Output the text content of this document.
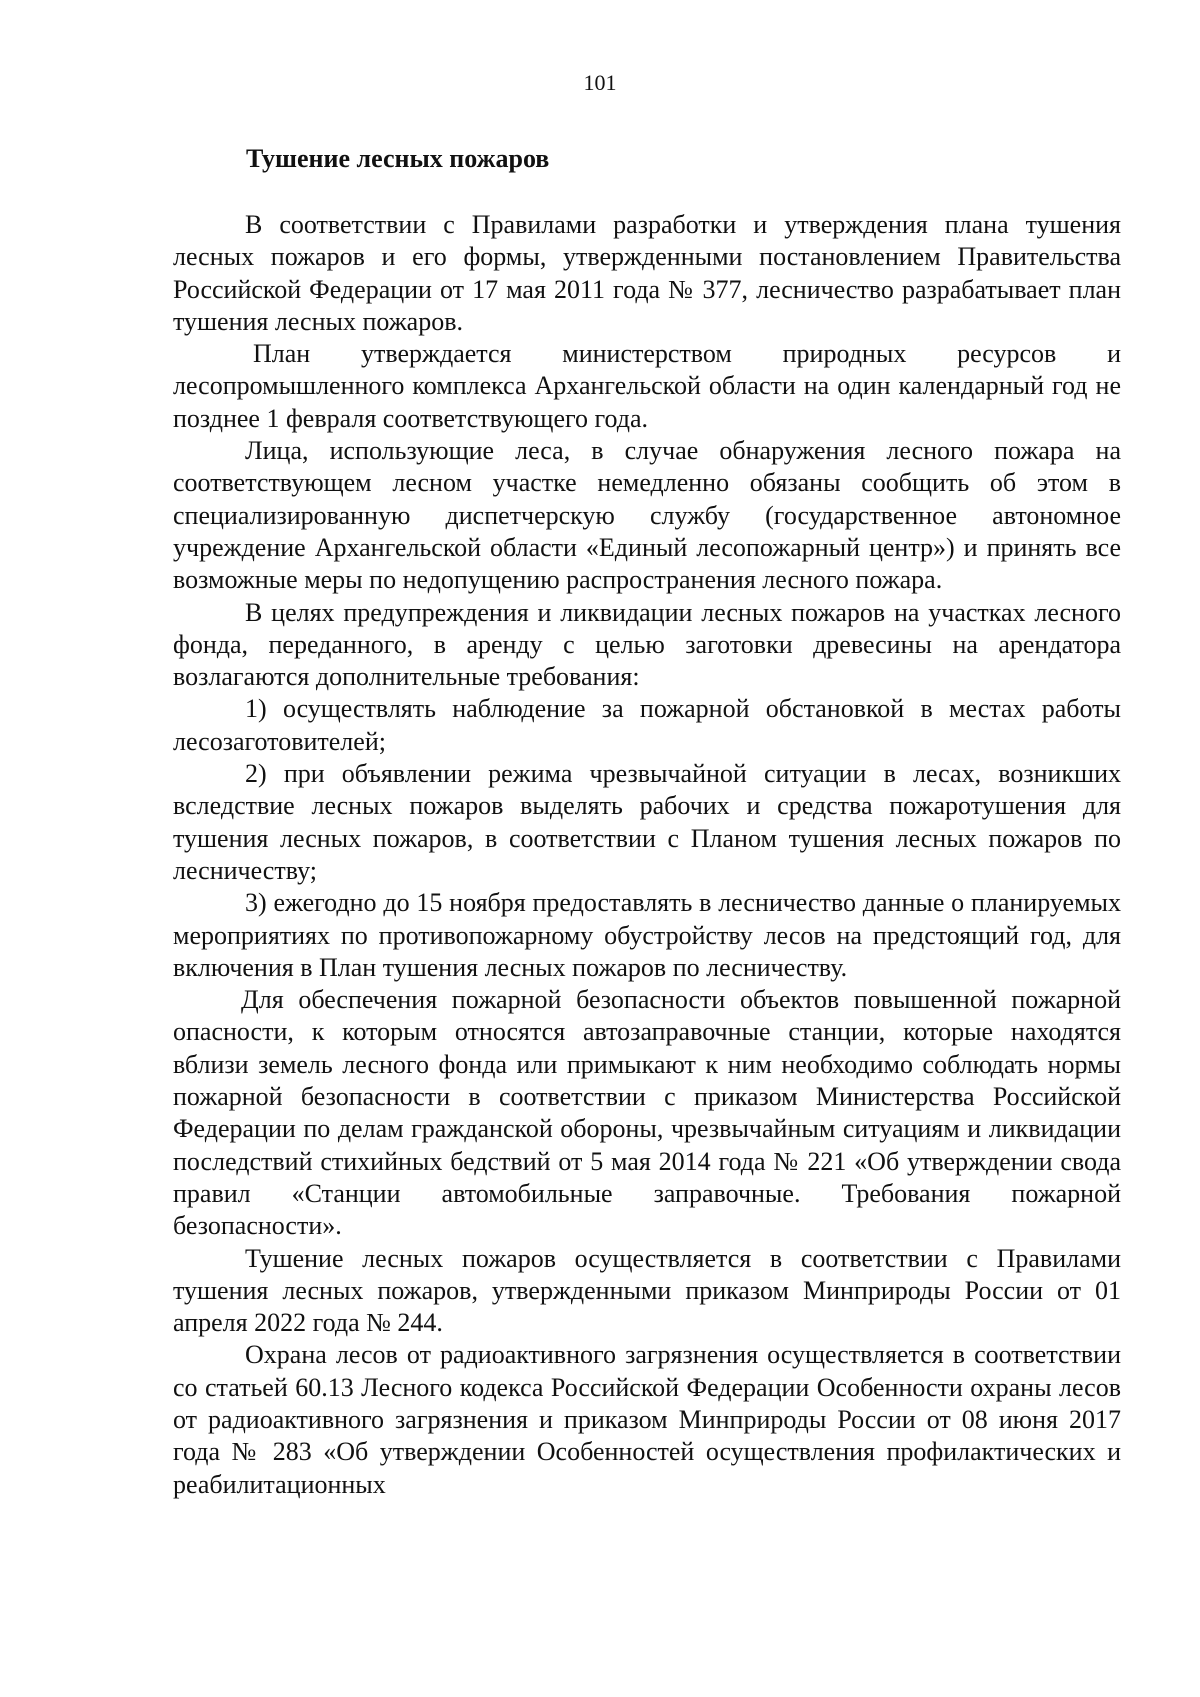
101
Тушение лесных пожаров

В соответствии с Правилами разработки и утверждения плана тушения лесных пожаров и его формы, утвержденными постановлением Правительства Российской Федерации от 17 мая 2011 года № 377, лесничество разрабатывает план тушения лесных пожаров.

План утверждается министерством природных ресурсов и лесопромышленного комплекса Архангельской области на один календарный год не позднее 1 февраля соответствующего года.

Лица, использующие леса, в случае обнаружения лесного пожара на соответствующем лесном участке немедленно обязаны сообщить об этом в специализированную диспетчерскую службу (государственное автономное учреждение Архангельской области «Единый лесопожарный центр») и принять все возможные меры по недопущению распространения лесного пожара.

В целях предупреждения и ликвидации лесных пожаров на участках лесного фонда, переданного, в аренду с целью заготовки древесины на арендатора возлагаются дополнительные требования:

1) осуществлять наблюдение за пожарной обстановкой в местах работы лесозаготовителей;

2) при объявлении режима чрезвычайной ситуации в лесах, возникших вследствие лесных пожаров выделять рабочих и средства пожаротушения для тушения лесных пожаров, в соответствии с Планом тушения лесных пожаров по лесничеству;

3) ежегодно до 15 ноября предоставлять в лесничество данные о планируемых мероприятиях по противопожарному обустройству лесов на предстоящий год, для включения в План тушения лесных пожаров по лесничеству.

Для обеспечения пожарной безопасности объектов повышенной пожарной опасности, к которым относятся автозаправочные станции, которые находятся вблизи земель лесного фонда или примыкают к ним необходимо соблюдать нормы пожарной безопасности в соответствии с приказом Министерства Российской Федерации по делам гражданской обороны, чрезвычайным ситуациям и ликвидации последствий стихийных бедствий от 5 мая 2014 года № 221 «Об утверждении свода правил «Станции автомобильные заправочные. Требования пожарной безопасности».

Тушение лесных пожаров осуществляется в соответствии с Правилами тушения лесных пожаров, утвержденными приказом Минприроды России от 01 апреля 2022 года № 244.

Охрана лесов от радиоактивного загрязнения осуществляется в соответствии со статьей 60.13 Лесного кодекса Российской Федерации Особенности охраны лесов от радиоактивного загрязнения и приказом Минприроды России от 08 июня 2017 года № 283 «Об утверждении Особенностей осуществления профилактических и реабилитационных
